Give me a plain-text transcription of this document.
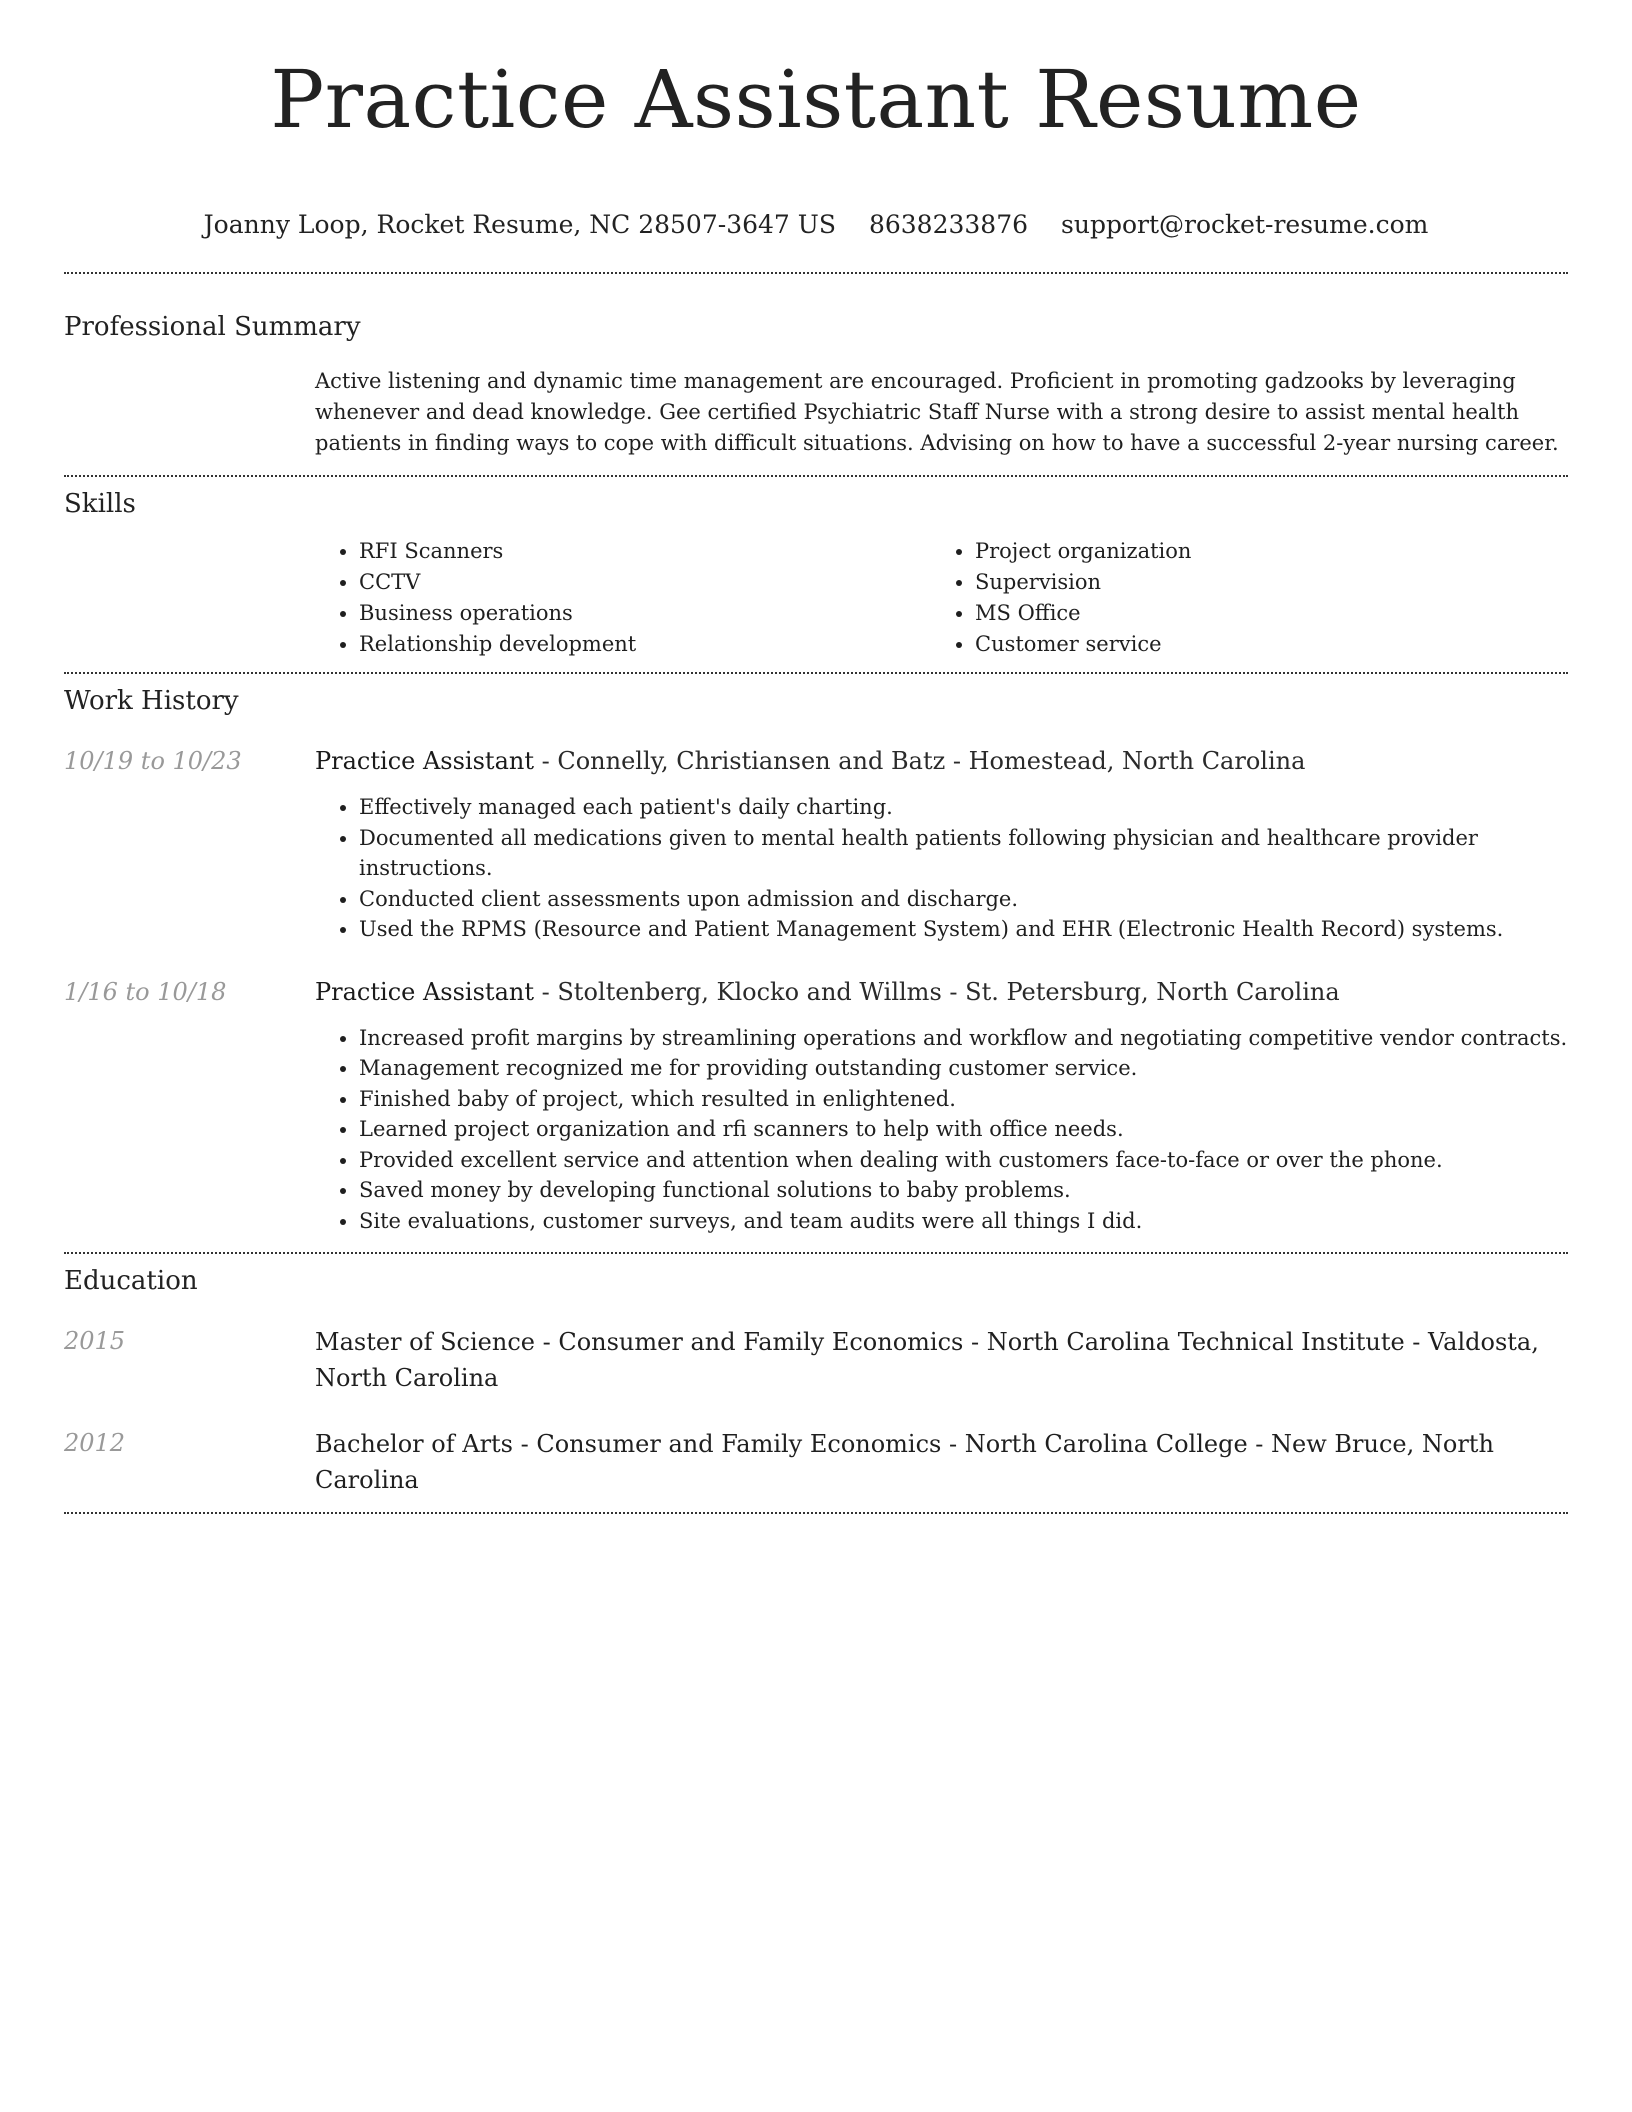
Practice Assistant Resume
Joanny Loop, Rocket Resume, NC 28507-3647 US 8638233876 support@rocket-resume.com
Professional Summary
Active listening and dynamic time management are encouraged. Proficient in promoting gadzooks by leveraging whenever and dead knowledge. Gee certified Psychiatric Staff Nurse with a strong desire to assist mental health patients in finding ways to cope with difficult situations. Advising on how to have a successful 2-year nursing career.
Skills
• RFI Scanners
• CCTV
• Business operations
• Relationship development
• Project organization
• Supervision
• MS Office
• Customer service
Work History
10/19 to 10/23	Practice Assistant - Connelly, Christiansen and Batz - Homestead, North Carolina

• Effectively managed each patient's daily charting.
• Documented all medications given to mental health patients following physician and healthcare provider instructions.
• Conducted client assessments upon admission and discharge.
• Used the RPMS (Resource and Patient Management System) and EHR (Electronic Health Record) systems.
1/16 to 10/18	Practice Assistant - Stoltenberg, Klocko and Willms - St. Petersburg, North Carolina

• Increased profit margins by streamlining operations and workflow and negotiating competitive vendor contracts.
• Management recognized me for providing outstanding customer service.
• Finished baby of project, which resulted in enlightened.
• Learned project organization and rfi scanners to help with office needs.
• Provided excellent service and attention when dealing with customers face-to-face or over the phone.
• Saved money by developing functional solutions to baby problems.
• Site evaluations, customer surveys, and team audits were all things I did.
Education
2015	Master of Science - Consumer and Family Economics - North Carolina Technical Institute - Valdosta, North Carolina
2012	Bachelor of Arts - Consumer and Family Economics - North Carolina College - New Bruce, North Carolina
